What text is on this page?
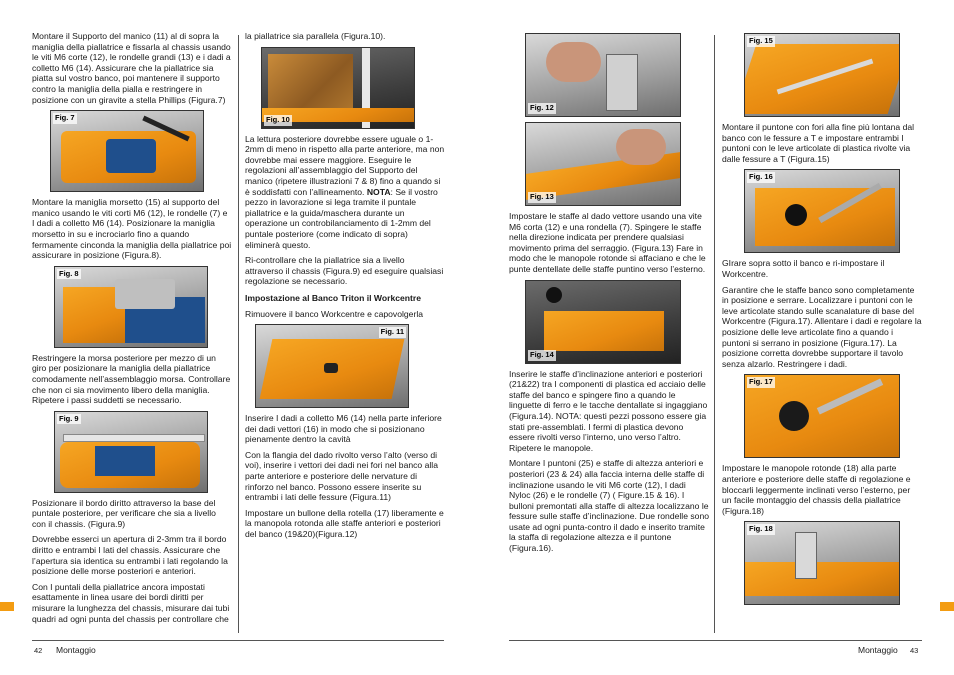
Montare il Supporto del manico (11) al di sopra la maniglia della piallatrice e fissarla al chassis usando le viti M6 corte (12), le rondelle grandi (13) e i dadi a colletto M6 (14). Assicurare che la piallatrice sia piatta sul vostro banco, poi mantenere il supporto contro la maniglia della pialla e restringere in posizione con un giravite a stella Phillips (Figura.7)

Fig. 7

Montare la maniglia morsetto (15) al supporto del manico usando le viti corti M6 (12), le rondelle (7) e I dadi a colletto M6 (14). Posizionare la maniglia morsetto in su e incrociarlo fino a quando fermamente cinconda la maniglia della piallatrice poi assicurare in posizione (Figura.8).

Fig. 8

Restringere la morsa posteriore per mezzo di un giro per posizionare la maniglia della piallatrice comodamente nell’assemblaggio morsa. Controllare che non ci sia movimento libero della maniglia. Ripetere i passi suddetti se necessario.

Fig. 9

Posizionare il bordo diritto attraverso la base del puntale posteriore, per verificare che sia a livello con il chassis. (Figura.9)

Dovrebbe esserci un apertura di 2-3mm tra il bordo diritto e entrambi I lati del chassis. Assicurare che l’apertura sia identica su entrambi i lati regolando la posizione delle morse posteriori e anteriori.

Con I puntali della piallatrice ancora impostati esattamente in linea usare dei bordi diritti per misurare la lunghezza del chassis, misurare dai tubi quadri ad ogni punta del chassis per controllare che

la piallatrice sia parallela (Figura.10).

Fig. 10

La lettura posteriore dovrebbe essere uguale o 1-2mm di meno in rispetto alla parte anteriore, ma non dovrebbe mai essere maggiore. Eseguire le regolazioni all’assemblaggio del Supporto del manico (ripetere illustrazioni 7 & 8) fino a quando si è soddisfatti con l’allineamento. NOTA: Se il vostro pezzo in lavorazione si lega tramite il puntale piallatrice e la guida/maschera durante un operazione un controbilanciamento di 1-2mm del puntale posteriore (come indicato di sopra) eliminerà questo.

Ri-controllare che la piallatrice sia a livello attraverso il chassis (Figura.9) ed eseguire qualsiasi regolazione se necessario.

Impostazione al Banco Triton il Workcentre

Rimuovere il banco Workcentre e capovolgerla

Fig. 11

Inserire I dadi a colletto M6 (14) nella parte inferiore dei dadi vettori (16) in modo che si posizionano pienamente dentro la cavità

Con la flangia del dado rivolto verso l’alto (verso di voi), inserire i vettori dei dadi nei fori nel banco alla parte anteriore e posteriore delle nervature di rinforzo nel banco. Possono essere inserite su entrambi i lati delle fessure (Figura.11)

Impostare un bullone della rotella (17) liberamente e la manopola rotonda alle staffe anteriori e posteriori del banco (19&20)(Figura.12)

42 Montaggio
Fig. 12
Fig. 13

Impostare le staffe al dado vettore usando una vite M6 corta (12) e una rondella (7). Spingere le staffe nella direzione indicata per prendere qualsiasi movimento prima del serraggio. (Figura.13) Fare in modo che le manopole rotonde si affaciano e che le punte dentellate delle staffe puntino verso l’esterno.

Fig. 14

Inserire le staffe d’inclinazione anteriori e posteriori (21&22) tra I componenti di plastica ed acciaio delle staffe del banco e spingere fino a quando le linguette di ferro e le tacche dentallate si ingaggiano (Figura.14). NOTA: questi pezzi possono essere gia stati pre-assemblati. I fermi di plastica devono essere rivolti verso l’interno, uno verso l’altro. Ripetere le manopole.

Montare I puntoni (25) e staffe di altezza anteriori e posteriori (23 & 24) alla faccia interna delle staffe di inclinazione usando le viti M6 corte (12), I dadi Nyloc (26) e le rondelle (7) ( Figure.15 & 16). I bulloni premontati alla staffe di altezza localizzano le fessure sulle staffe d’inclinazione. Due rondelle sono usate ad ogni punta-contro il dado e inserito tramite la staffa di regolazione altezza e il puntone (Figura.16).

Fig. 15

Montare il puntone con fori alla fine più lontana dal banco con le fessure a T e impostare entrambi I puntoni con le leve articolate di plastica rivolte via dalle fessure a T (Figura.15)

Fig. 16

GIrare sopra sotto il banco e ri-impostare il Workcentre.

Garantire che le staffe banco sono completamente in posizione e serrare. Localizzare i puntoni con le leve articolate stando sulle scanalature di base del Workcentre (Figura.17). Allentare i dadi e regolare la posizione delle leve articolate fino a quando i puntoni si serrano in posizione (Figura.17). La posizione corretta dovrebbe supportare il tavolo senza alzarlo. Restringere i dadi.

Fig. 17

Impostare le manopole rotonde (18) alla parte anteriore e posteriore delle staffe di regolazione e bloccarli leggermente inclinati verso l’esterno, per un facile montaggio del chassis della piallatrice (Figura.18)

Fig. 18
Montaggio 43
